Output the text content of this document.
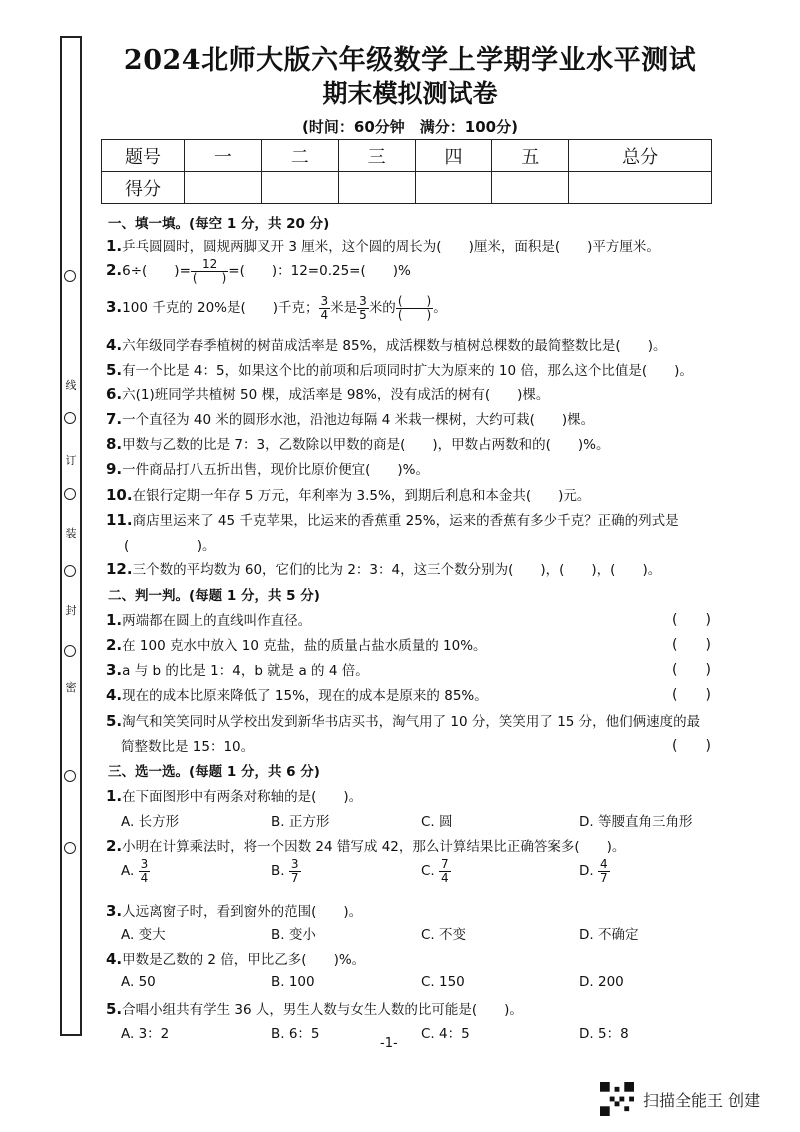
线
订
装
封
密
2024北师大版六年级数学上学期学业水平测试
期末模拟测试卷
(时间：60分钟　满分：100分)
题号	一	二	三	四	五	总分
得分						
一、填一填。(每空 1 分，共 20 分)
1.乒乓圆圆时，圆规两脚叉开 3 厘米，这个圆的周长为(　　)厘米，面积是(　　)平方厘米。
2.6÷(　　)= $\frac{12}{( )}$ =(　　)：12=0.25=(　　)%
3.100 千克的 20%是(　　)千克； $\frac{3}{4}$ 米是 $\frac{3}{5}$ 米的 $\frac{( )}{( )}$ 。
4.六年级同学春季植树的树苗成活率是 85%，成活棵数与植树总棵数的最简整数比是(　　)。
5.有一个比是 4：5，如果这个比的前项和后项同时扩大为原来的 10 倍，那么这个比值是(　　)。
6.六(1)班同学共植树 50 棵，成活率是 98%，没有成活的树有(　　)棵。
7.一个直径为 40 米的圆形水池，沿池边每隔 4 米栽一棵树，大约可栽(　　)棵。
8.甲数与乙数的比是 7：3，乙数除以甲数的商是(　　)，甲数占两数和的(　　)%。
9.一件商品打八五折出售，现价比原价便宜(　　)%。
10.在银行定期一年存 5 万元，年利率为 3.5%，到期后利息和本金共(　　)元。
11.商店里运来了 45 千克苹果，比运来的香蕉重 25%，运来的香蕉有多少千克？正确的列式是
(　　　　　)。
12.三个数的平均数为 60，它们的比为 2：3：4，这三个数分别为(　　)，(　　)，(　　)。
二、判一判。(每题 1 分，共 5 分)
1.两端都在圆上的直线叫作直径。	(　　)
2.在 100 克水中放入 10 克盐，盐的质量占盐水质量的 10%。	(　　)
3.a 与 b 的比是 1：4，b 就是 a 的 4 倍。	(　　)
4.现在的成本比原来降低了 15%，现在的成本是原来的 85%。	(　　)
5.淘气和笑笑同时从学校出发到新华书店买书，淘气用了 10 分，笑笑用了 15 分，他们俩速度的最
简整数比是 15：10。	(　　)
三、选一选。(每题 1 分，共 6 分)
1.在下面图形中有两条对称轴的是(　　)。
A. 长方形	B. 正方形	C. 圆	D. 等腰直角三角形
2.小明在计算乘法时，将一个因数 24 错写成 42，那么计算结果比正确答案多(　　)。
A. $\frac{3}{4}$	B. $\frac{3}{7}$	C. $\frac{7}{4}$	D. $\frac{4}{7}$
3.人远离窗子时，看到窗外的范围(　　)。
A. 变大	B. 变小	C. 不变	D. 不确定
4.甲数是乙数的 2 倍，甲比乙多(　　)%。
A. 50	B. 100	C. 150	D. 200
5.合唱小组共有学生 36 人，男生人数与女生人数的比可能是(　　)。
A. 3：2	B. 6：5	C. 4：5	D. 5：8
-1-
扫描全能王 创建
